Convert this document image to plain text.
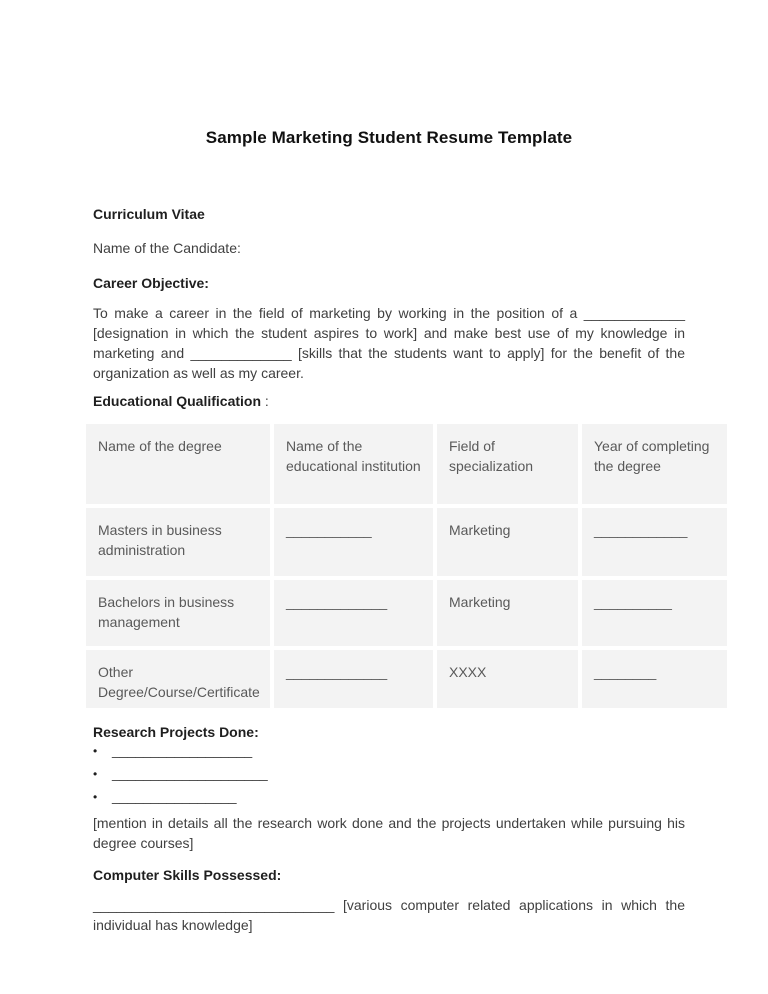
Sample Marketing Student Resume Template
Curriculum Vitae
Name of the Candidate:
Career Objective:
To make a career in the field of marketing by working in the position of a _____________ [designation in which the student aspires to work] and make best use of my knowledge in marketing and _____________ [skills that the students want to apply] for the benefit of the organization as well as my career.
Educational Qualification :
Name of the degree	Name of the educational institution	Field of specialization	Year of completing the degree
Masters in business administration	___________	Marketing	____________
Bachelors in business management	_____________	Marketing	__________
Other Degree/Course/Certificate	_____________	XXXX	________
Research Projects Done:
•	__________________
•	____________________
•	________________
[mention in details all the research work done and the projects undertaken while pursuing his degree courses]
Computer Skills Possessed:
_______________________________ [various computer related applications in which the individual has knowledge]
